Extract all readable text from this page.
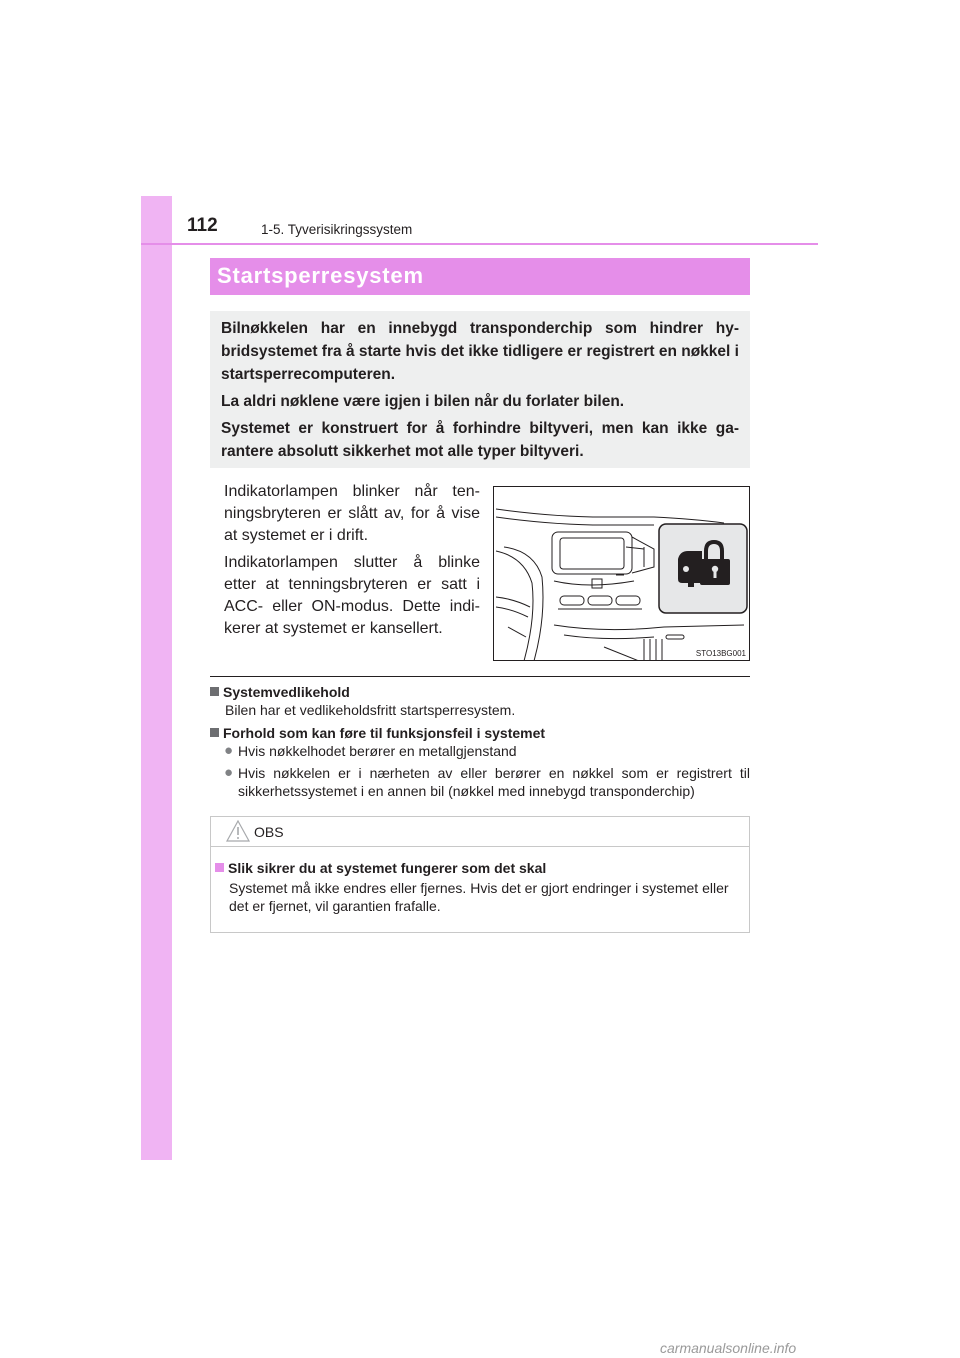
112	1-5. Tyverisikringssystem
Startsperresystem

Bilnøkkelen har en innebygd transponderchip som hindrer hy-bridsystemet fra å starte hvis det ikke tidligere er registrert en nøkkel i startsperrecomputeren.

La aldri nøklene være igjen i bilen når du forlater bilen.

Systemet er konstruert for å forhindre biltyveri, men kan ikke ga-rantere absolutt sikkerhet mot alle typer biltyveri.

Indikatorlampen blinker når ten-ningsbryteren er slått av, for å vise at systemet er i drift.

Indikatorlampen slutter å blinke etter at tenningsbryteren er satt i ACC- eller ON-modus. Dette indi-kerer at systemet er kansellert.

STO13BG001
Systemvedlikehold
Bilen har et vedlikeholdsfritt startsperresystem.
Forhold som kan føre til funksjonsfeil i systemet
● Hvis nøkkelhodet berører en metallgjenstand
● Hvis nøkkelen er i nærheten av eller berører en nøkkel som er registrert til sikkerhetssystemet i en annen bil (nøkkel med innebygd transponderchip)
OBS
Slik sikrer du at systemet fungerer som det skal
Systemet må ikke endres eller fjernes. Hvis det er gjort endringer i systemet eller det er fjernet, vil garantien frafalle.
carmanualsonline.info
